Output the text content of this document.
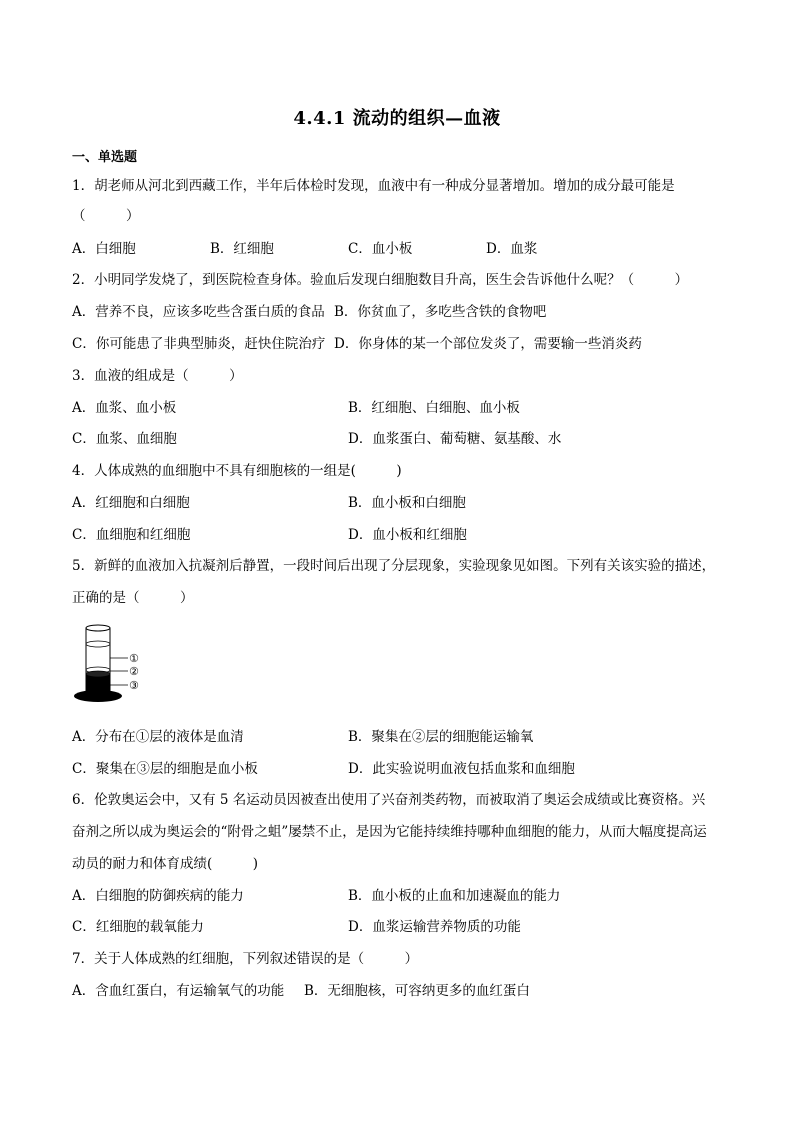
4.4.1 流动的组织—血液
一、单选题
1．胡老师从河北到西藏工作，半年后体检时发现，血液中有一种成分显著增加。增加的成分最可能是
（　　　）
A．白细胞	B．红细胞	C．血小板	D．血浆
2．小明同学发烧了，到医院检查身体。验血后发现白细胞数目升高，医生会告诉他什么呢？（　　　）
A．营养不良，应该多吃些含蛋白质的食品 B．你贫血了，多吃些含铁的食物吧
C．你可能患了非典型肺炎，赶快住院治疗 D．你身体的某一个部位发炎了，需要输一些消炎药
3．血液的组成是（　　　）
A．血浆、血小板	B．红细胞、白细胞、血小板
C．血浆、血细胞	D．血浆蛋白、葡萄糖、氨基酸、水
4．人体成熟的血细胞中不具有细胞核的一组是(　　　)
A．红细胞和白细胞	B．血小板和白细胞
C．血细胞和红细胞	D．血小板和红细胞
5．新鲜的血液加入抗凝剂后静置，一段时间后出现了分层现象，实验现象见如图。下列有关该实验的描述，
正确的是（　　　）
①
②
③
A．分布在①层的液体是血清	B．聚集在②层的细胞能运输氧
C．聚集在③层的细胞是血小板	D．此实验说明血液包括血浆和血细胞
6．伦敦奥运会中，又有 5 名运动员因被查出使用了兴奋剂类药物，而被取消了奥运会成绩或比赛资格。兴
奋剂之所以成为奥运会的“附骨之蛆”屡禁不止，是因为它能持续维持哪种血细胞的能力，从而大幅度提高运
动员的耐力和体育成绩(　　　)
A．白细胞的防御疾病的能力	B．血小板的止血和加速凝血的能力
C．红细胞的载氧能力	D．血浆运输营养物质的功能
7．关于人体成熟的红细胞，下列叙述错误的是（　　　）
A．含血红蛋白，有运输氧气的功能 B．无细胞核，可容纳更多的血红蛋白
